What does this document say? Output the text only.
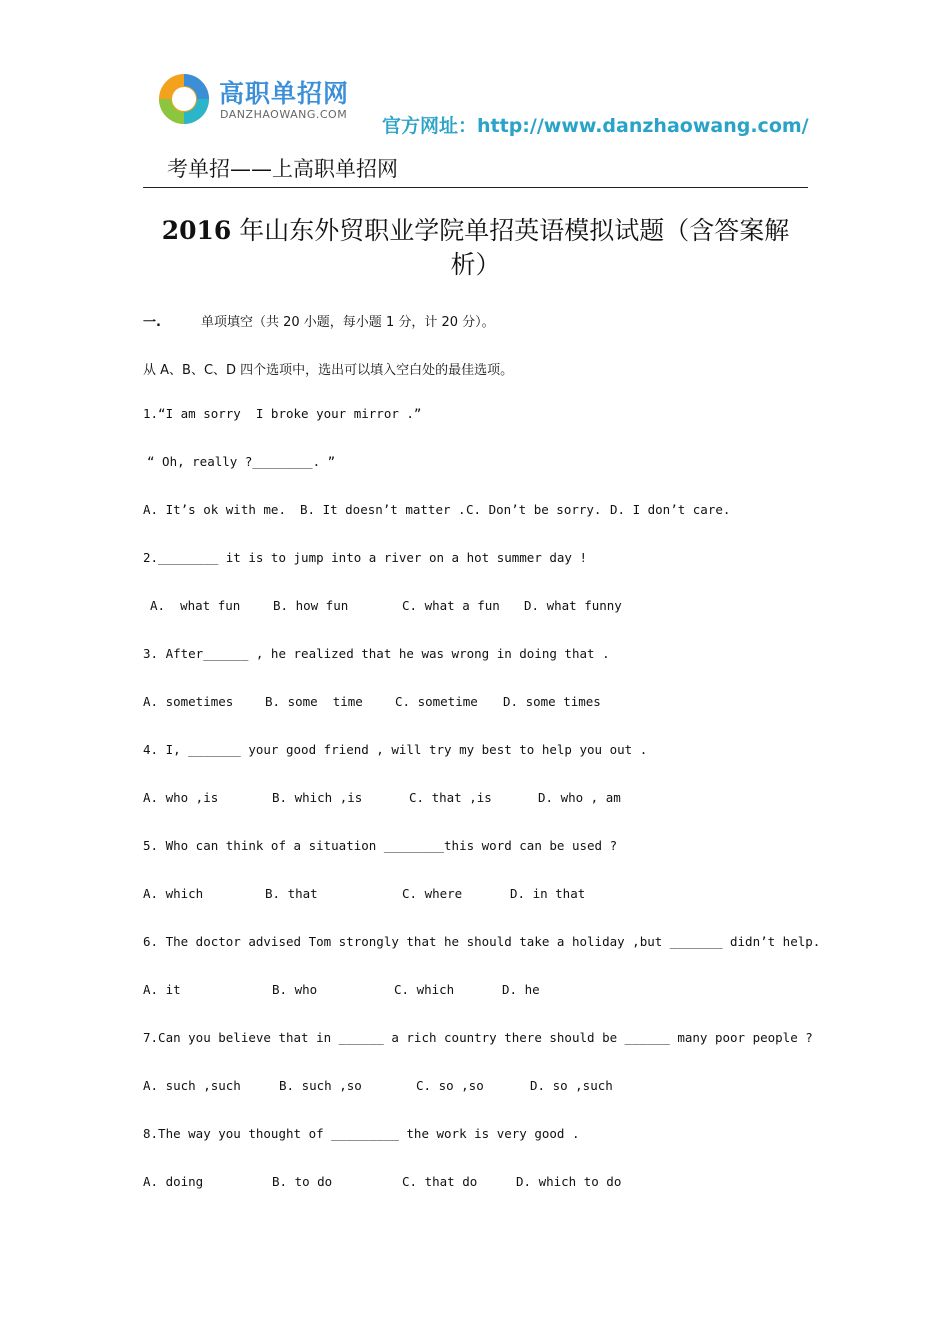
高职单招网
DANZHAOWANG.COM
官方网址：http://www.danzhaowang.com/
考单招——上高职单招网
2016 年山东外贸职业学院单招英语模拟试题（含答案解
析）
一.	单项填空（共 20 小题，每小题 1 分，计 20 分）。
从 A、B、C、D 四个选项中，选出可以填入空白处的最佳选项。
1.“I am sorry  I broke your mirror .”
“ Oh, really ?________. ”
A. It’s ok with me. B. It doesn’t matter . C. Don’t be sorry. D. I don’t care.
2.________ it is to jump into a river on a hot summer day !
A.  what fun	B. how fun	C. what a fun D. what funny
3. After______ , he realized that he was wrong in doing that .
A. sometimes	B. some  time	C. sometime D. some times
4. I, _______ your good friend , will try my best to help you out .
A. who ,is	B. which ,is	C. that ,is	D. who , am
5. Who can think of a situation ________this word can be used ?
A. which	B. that	C. where	D. in that
6. The doctor advised Tom strongly that he should take a holiday ,but _______ didn’t help.
A. it	B. who	C. which	D. he
7.Can you believe that in ______ a rich country there should be ______ many poor people ?
A. such ,such	B. such ,so	C. so ,so	D. so ,such
8.The way you thought of _________ the work is very good .
A. doing	B. to do	C. that do	D. which to do
